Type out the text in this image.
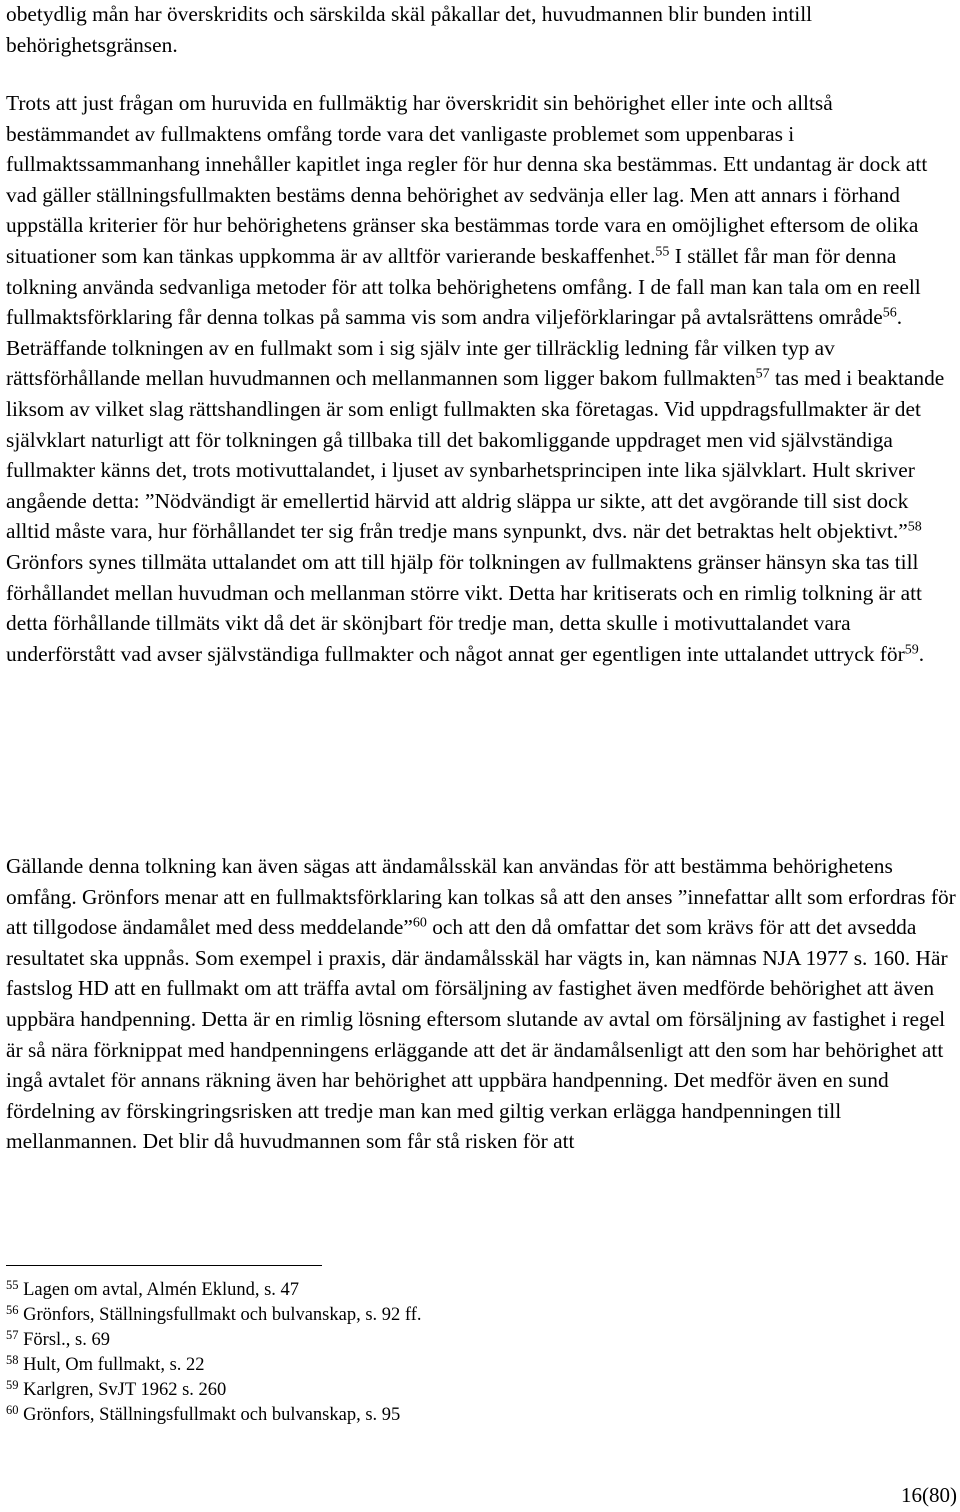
obetydlig mån har överskridits och särskilda skäl påkallar det, huvudmannen blir bunden intill behörighetsgränsen.

Trots att just frågan om huruvida en fullmäktig har överskridit sin behörighet eller inte och alltså bestämmandet av fullmaktens omfång torde vara det vanligaste problemet som uppenbaras i fullmaktssammanhang innehåller kapitlet inga regler för hur denna ska bestämmas. Ett undantag är dock att vad gäller ställningsfullmakten bestäms denna behörighet av sedvänja eller lag. Men att annars i förhand uppställa kriterier för hur behörighetens gränser ska bestämmas torde vara en omöjlighet eftersom de olika situationer som kan tänkas uppkomma är av alltför varierande beskaffenhet.$^{55}$ I stället får man för denna tolkning använda sedvanliga metoder för att tolka behörighetens omfång. I de fall man kan tala om en reell fullmaktsförklaring får denna tolkas på samma vis som andra viljeförklaringar på avtalsrättens område$^{56}$. Beträffande tolkningen av en fullmakt som i sig själv inte ger tillräcklig ledning får vilken typ av rättsförhållande mellan huvudmannen och mellanmannen som ligger bakom fullmakten$^{57}$ tas med i beaktande liksom av vilket slag rättshandlingen är som enligt fullmakten ska företagas. Vid uppdragsfullmakter är det självklart naturligt att för tolkningen gå tillbaka till det bakomliggande uppdraget men vid självständiga fullmakter känns det, trots motivuttalandet, i ljuset av synbarhetsprincipen inte lika självklart. Hult skriver angående detta: ”Nödvändigt är emellertid härvid att aldrig släppa ur sikte, att det avgörande till sist dock alltid måste vara, hur förhållandet ter sig från tredje mans synpunkt, dvs. när det betraktas helt objektivt.”$^{58}$ Grönfors synes tillmäta uttalandet om att till hjälp för tolkningen av fullmaktens gränser hänsyn ska tas till förhållandet mellan huvudman och mellanman större vikt. Detta har kritiserats och en rimlig tolkning är att detta förhållande tillmäts vikt då det är skönjbart för tredje man, detta skulle i motivuttalandet vara underförstått vad avser självständiga fullmakter och något annat ger egentligen inte uttalandet uttryck för$^{59}$.

Gällande denna tolkning kan även sägas att ändamålsskäl kan användas för att bestämma behörighetens omfång. Grönfors menar att en fullmaktsförklaring kan tolkas så att den anses ”innefattar allt som erfordras för att tillgodose ändamålet med dess meddelande”$^{60}$ och att den då omfattar det som krävs för att det avsedda resultatet ska uppnås. Som exempel i praxis, där ändamålsskäl har vägts in, kan nämnas NJA 1977 s. 160. Här fastslog HD att en fullmakt om att träffa avtal om försäljning av fastighet även medförde behörighet att även uppbära handpenning. Detta är en rimlig lösning eftersom slutande av avtal om försäljning av fastighet i regel är så nära förknippat med handpenningens erläggande att det är ändamålsenligt att den som har behörighet att ingå avtalet för annans räkning även har behörighet att uppbära handpenning. Det medför även en sund fördelning av förskingringsrisken att tredje man kan med giltig verkan erlägga handpenningen till mellanmannen. Det blir då huvudmannen som får stå risken för att

$^{55}$ Lagen om avtal, Almén Eklund, s. 47
$^{56}$ Grönfors, Ställningsfullmakt och bulvanskap, s. 92 ff.
$^{57}$ Försl., s. 69
$^{58}$ Hult, Om fullmakt, s. 22
$^{59}$ Karlgren, SvJT 1962 s. 260
$^{60}$ Grönfors, Ställningsfullmakt och bulvanskap, s. 95
16(80)
